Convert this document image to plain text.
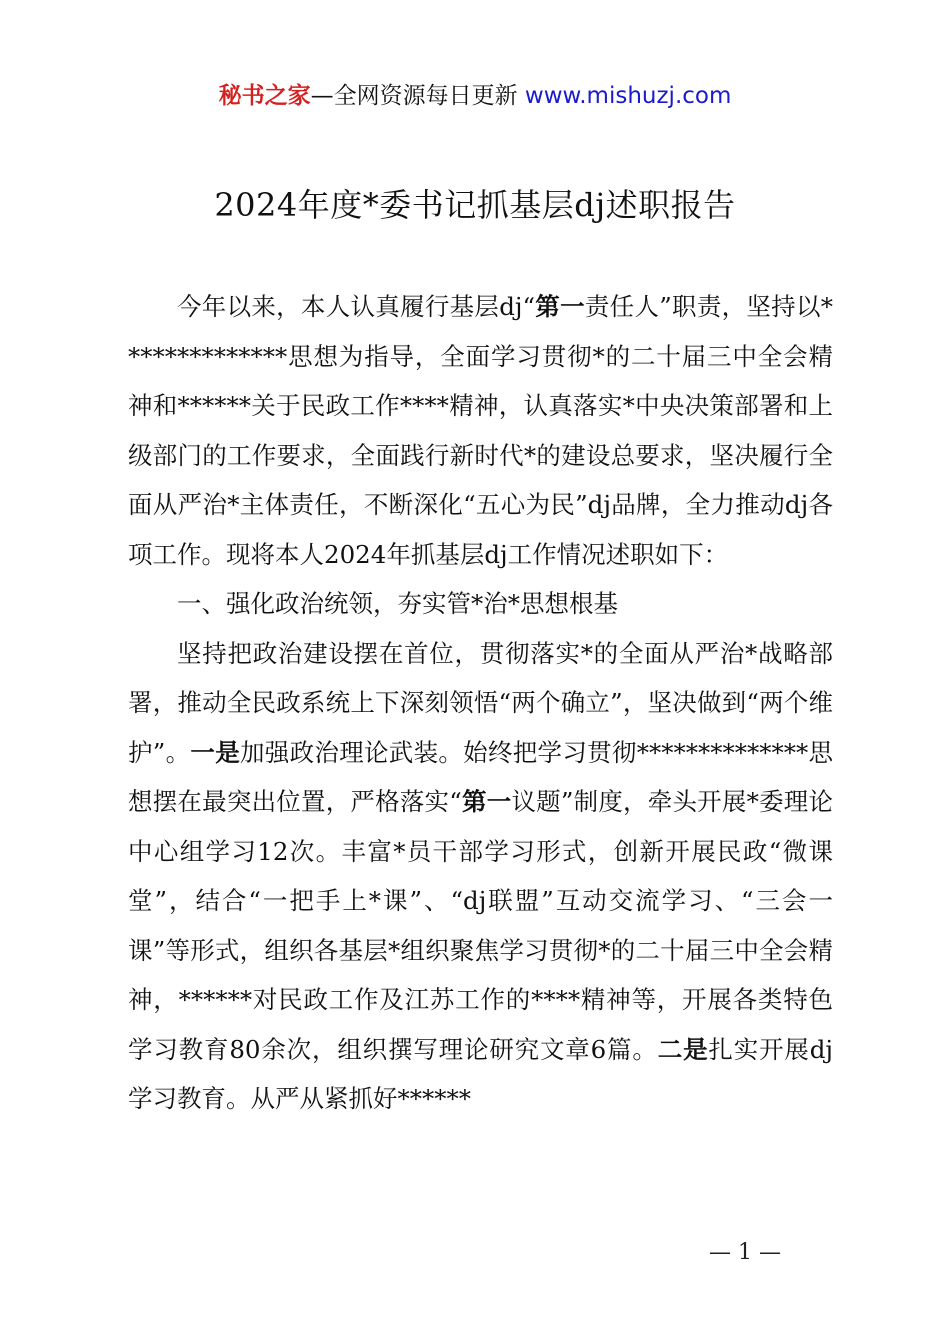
秘书之家—全网资源每日更新 www.mishuzj.com
2024年度*委书记抓基层dj述职报告

今年以来，本人认真履行基层dj“第一责任人”职责，坚持以**************思想为指导，全面学习贯彻*的二十届三中全会精神和******关于民政工作****精神，认真落实*中央决策部署和上级部门的工作要求，全面践行新时代*的建设总要求，坚决履行全面从严治*主体责任，不断深化“五心为民”dj品牌，全力推动dj各项工作。现将本人2024年抓基层dj工作情况述职如下：

一、强化政治统领，夯实管*治*思想根基

坚持把政治建设摆在首位，贯彻落实*的全面从严治*战略部署，推动全民政系统上下深刻领悟“两个确立”，坚决做到“两个维护”。一是加强政治理论武装。始终把学习贯彻**************思想摆在最突出位置，严格落实“第一议题”制度，牵头开展*委理论中心组学习12次。丰富*员干部学习形式，创新开展民政“微课堂”，结合“一把手上*课”、“dj联盟”互动交流学习、“三会一课”等形式，组织各基层*组织聚焦学习贯彻*的二十届三中全会精神，******对民政工作及江苏工作的****精神等，开展各类特色学习教育80余次，组织撰写理论研究文章6篇。二是扎实开展dj学习教育。从严从紧抓好******

— 1 —
